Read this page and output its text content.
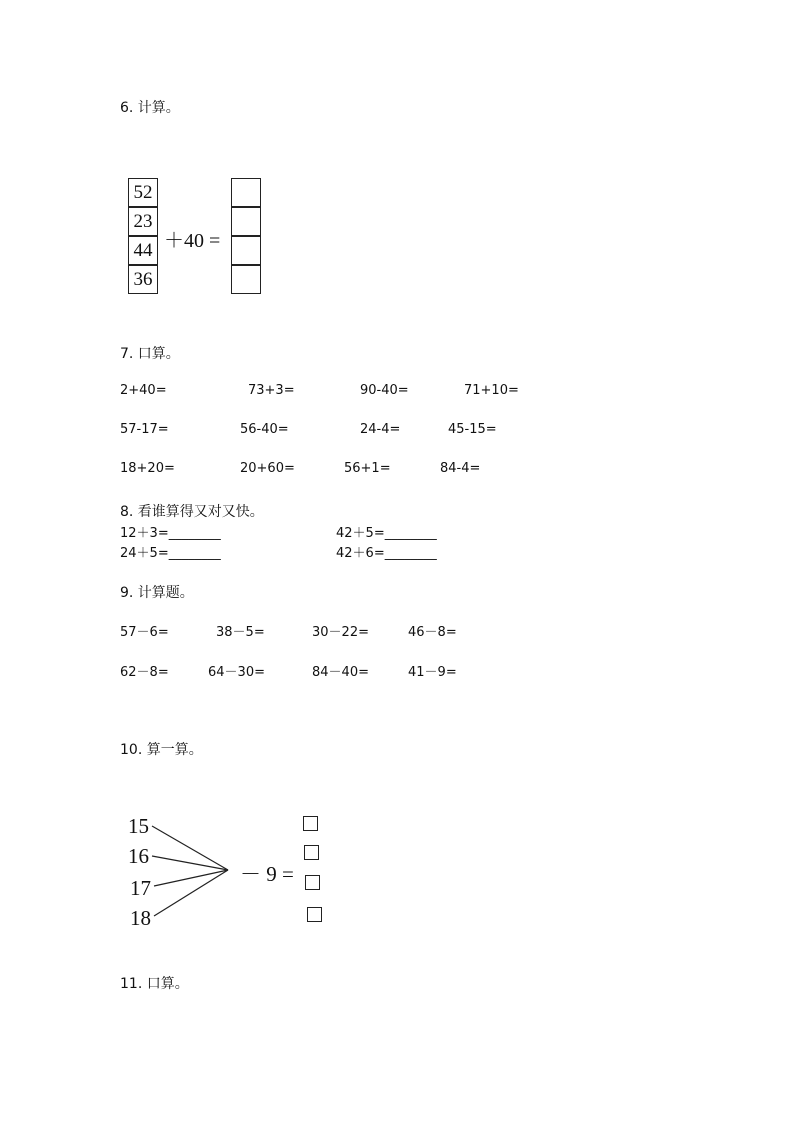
6. 计算。
52
23
44
36
＋40 =
7. 口算。
2+40=	73+3=	90-40=	71+10=
57-17=	56-40=	24-4=	45-15=
18+20=	20+60=	56+1=	84-4=
8. 看谁算得又对又快。
12＋3=________	42＋5=________
24＋5=________	42＋6=________
9. 计算题。
57－6=	38－5=	30－22=	46－8=
62－8=	64－30=	84－40=	41－9=
10. 算一算。
15
16
17
18
－ 9 =
11. 口算。
